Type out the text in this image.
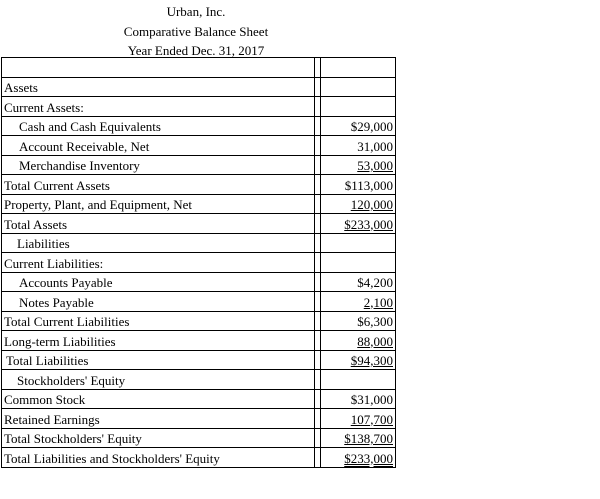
Urban, Inc.
Comparative Balance Sheet
Year Ended Dec. 31, 2017

Assets		
Current Assets:		
Cash and Cash Equivalents		$29,000
Account Receivable, Net		31,000
Merchandise Inventory		53,000
Total Current Assets		$113,000
Property, Plant, and Equipment, Net		120,000
Total Assets		$233,000
Liabilities		
Current Liabilities:		
Accounts Payable		$4,200
Notes Payable		2,100
Total Current Liabilities		$6,300
Long-term Liabilities		88,000
Total Liabilities		$94,300
Stockholders' Equity		
Common Stock		$31,000
Retained Earnings		107,700
Total Stockholders' Equity		$138,700
Total Liabilities and Stockholders' Equity		$233,000
